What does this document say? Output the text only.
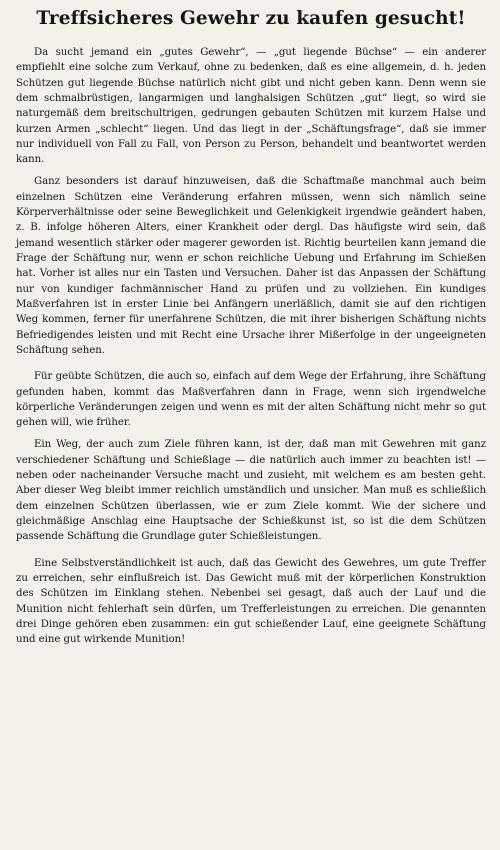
Treffsicheres Gewehr zu kaufen gesucht!

Da sucht jemand ein „gutes Gewehr“, — „gut liegende Büchse“ — ein anderer empfiehlt eine solche zum Verkauf, ohne zu bedenken, daß es eine allgemein, d. h. jeden Schützen gut liegende Büchse natürlich nicht gibt und nicht geben kann. Denn wenn sie dem schmalbrüstigen, langarmigen und langhalsigen Schützen „gut“ liegt, so wird sie naturgemäß dem breitschultrigen, gedrungen gebauten Schützen mit kurzem Halse und kurzen Armen „schlecht“ liegen. Und das liegt in der „Schäftungsfrage“, daß sie immer nur individuell von Fall zu Fall, von Person zu Person, behandelt und beantwortet werden kann.

Ganz besonders ist darauf hinzuweisen, daß die Schaftmaße manchmal auch beim einzelnen Schützen eine Veränderung erfahren müssen, wenn sich nämlich seine Körperverhältnisse oder seine Beweglichkeit und Gelenkigkeit irgendwie geändert haben, z. B. infolge höheren Alters, einer Krankheit oder dergl. Das häufigste wird sein, daß jemand wesentlich stärker oder magerer geworden ist. Richtig beurteilen kann jemand die Frage der Schäftung nur, wenn er schon reichliche Uebung und Erfahrung im Schießen hat. Vorher ist alles nur ein Tasten und Versuchen. Daher ist das Anpassen der Schäftung nur von kundiger fachmännischer Hand zu prüfen und zu vollziehen. Ein kundiges Maßverfahren ist in erster Linie bei Anfängern unerläßlich, damit sie auf den richtigen Weg kommen, ferner für unerfahrene Schützen, die mit ihrer bisherigen Schäftung nichts Befriedigendes leisten und mit Recht eine Ursache ihrer Mißerfolge in der ungeeigneten Schäftung sehen.

Für geübte Schützen, die auch so, einfach auf dem Wege der Erfahrung, ihre Schäftung gefunden haben, kommt das Maßverfahren dann in Frage, wenn sich irgendwelche körperliche Veränderungen zeigen und wenn es mit der alten Schäftung nicht mehr so gut gehen will, wie früher.

Ein Weg, der auch zum Ziele führen kann, ist der, daß man mit Gewehren mit ganz verschiedener Schäftung und Schießlage — die natürlich auch immer zu beachten ist! — neben oder nacheinander Versuche macht und zusieht, mit welchem es am besten geht. Aber dieser Weg bleibt immer reichlich umständlich und unsicher. Man muß es schließlich dem einzelnen Schützen überlassen, wie er zum Ziele kommt. Wie der sichere und gleichmäßige Anschlag eine Hauptsache der Schießkunst ist, so ist die dem Schützen passende Schäftung die Grundlage guter Schießleistungen.

Eine Selbstverständlichkeit ist auch, daß das Gewicht des Gewehres, um gute Treffer zu erreichen, sehr einflußreich ist. Das Gewicht muß mit der körperlichen Konstruktion des Schützen im Einklang stehen. Nebenbei sei gesagt, daß auch der Lauf und die Munition nicht fehlerhaft sein dürfen, um Trefferleistungen zu erreichen. Die genannten drei Dinge gehören eben zusammen: ein gut schießender Lauf, eine geeignete Schäftung und eine gut wirkende Munition!
